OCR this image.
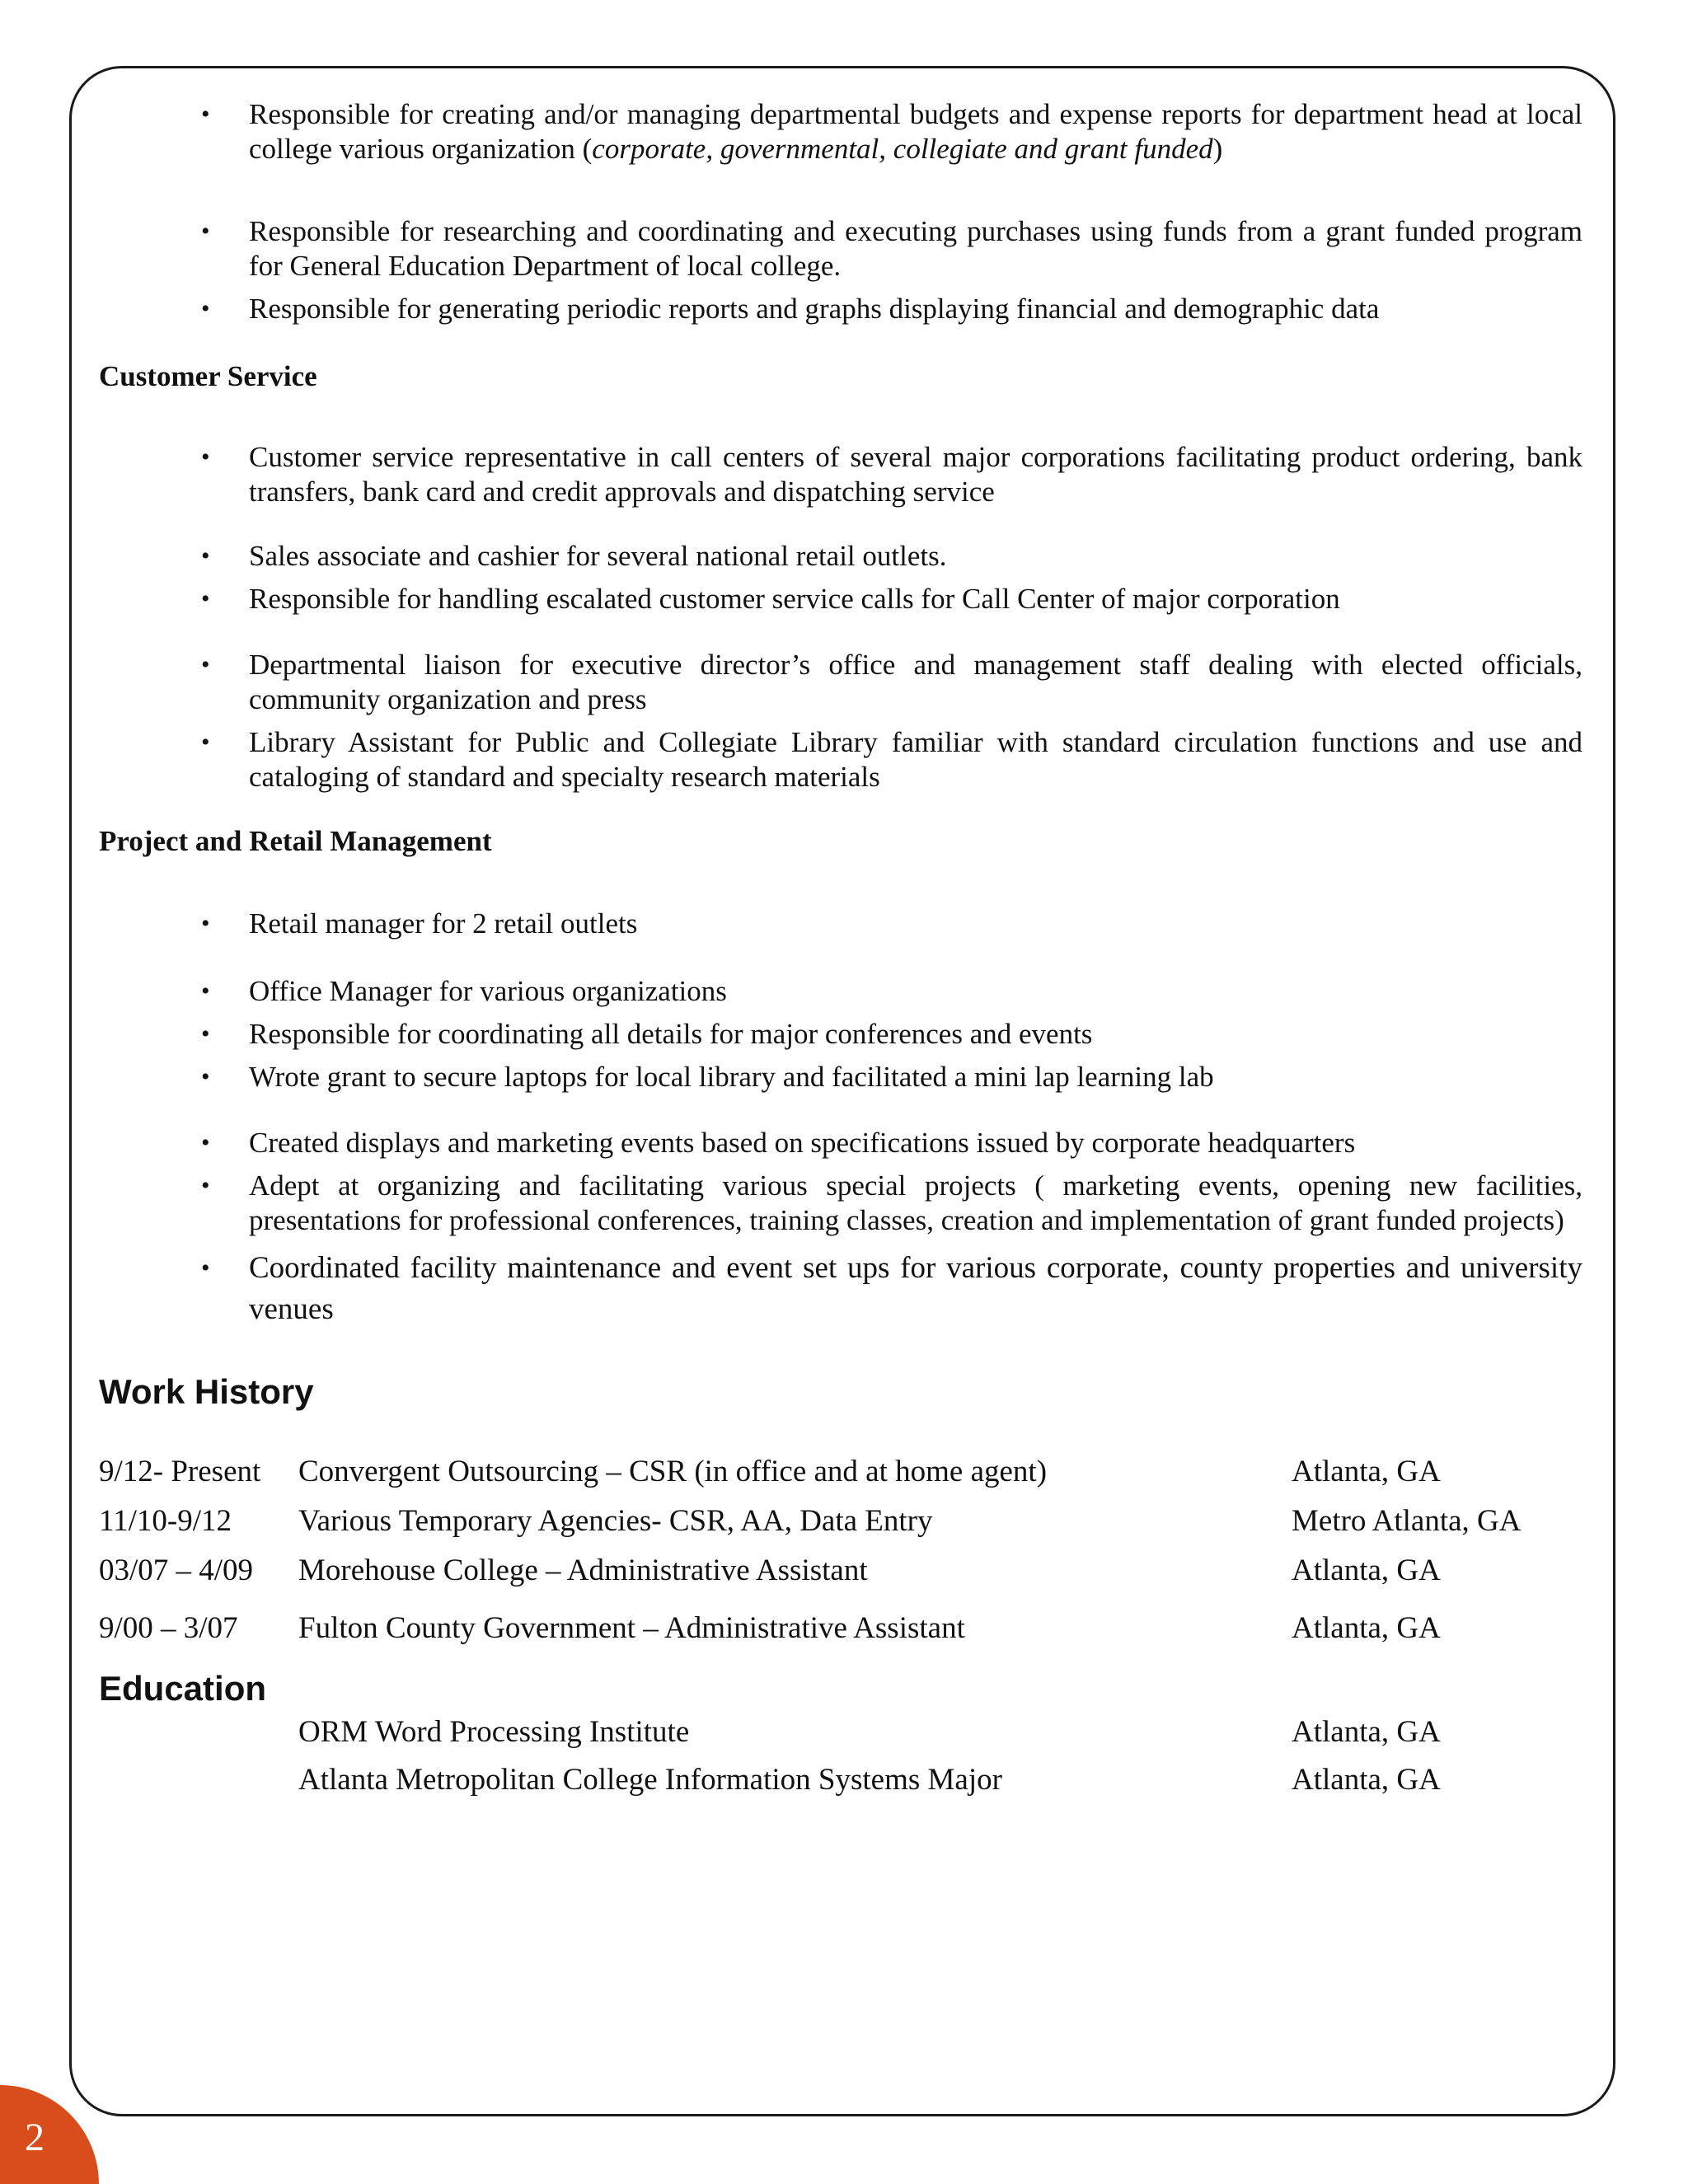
• Responsible for creating and/or managing departmental budgets and expense reports for department head at local college various organization (corporate, governmental, collegiate and grant funded)
• Responsible for researching and coordinating and executing purchases using funds from a grant funded program for General Education Department of local college.
• Responsible for generating periodic reports and graphs displaying financial and demographic data

Customer Service

• Customer service representative in call centers of several major corporations facilitating product ordering, bank transfers, bank card and credit approvals and dispatching service
• Sales associate and cashier for several national retail outlets.
• Responsible for handling escalated customer service calls for Call Center of major corporation
• Departmental liaison for executive director’s office and management staff dealing with elected officials, community organization and press
• Library Assistant for Public and Collegiate Library familiar with standard circulation functions and use and cataloging of standard and specialty research materials

Project and Retail Management

• Retail manager for 2 retail outlets
• Office Manager for various organizations
• Responsible for coordinating all details for major conferences and events
• Wrote grant to secure laptops for local library and facilitated a mini lap learning lab
• Created displays and marketing events based on specifications issued by corporate headquarters
• Adept at organizing and facilitating various special projects ( marketing events, opening new facilities, presentations for professional conferences, training classes, creation and implementation of grant funded projects)
• Coordinated facility maintenance and event set ups for various corporate, county properties and university venues

Work History

9/12- Present	Convergent Outsourcing – CSR (in office and at home agent)	Atlanta, GA
11/10-9/12	Various Temporary Agencies- CSR, AA, Data Entry	Metro Atlanta, GA
03/07 – 4/09	Morehouse College – Administrative Assistant	Atlanta, GA
9/00 – 3/07	Fulton County Government – Administrative Assistant	Atlanta, GA

Education

ORM Word Processing Institute	Atlanta, GA
Atlanta Metropolitan College Information Systems Major	Atlanta, GA
2
